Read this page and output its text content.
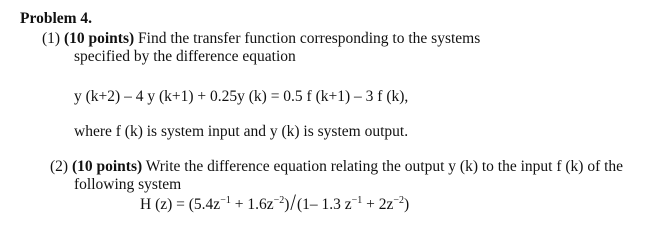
Problem 4.
(1) (10 points) Find the transfer function corresponding to the systems
specified by the difference equation
y (k+2) – 4 y (k+1) + 0.25y (k) = 0.5 f (k+1) – 3 f (k),
where f (k) is system input and y (k) is system output.
(2) (10 points) Write the difference equation relating the output y (k) to the input f (k) of the
following system
H $(z) = (5.4z^{-1} + 1.6z^{-2})/(1-$ 1.3 $z^{-1} + 2z^{-2}$)
